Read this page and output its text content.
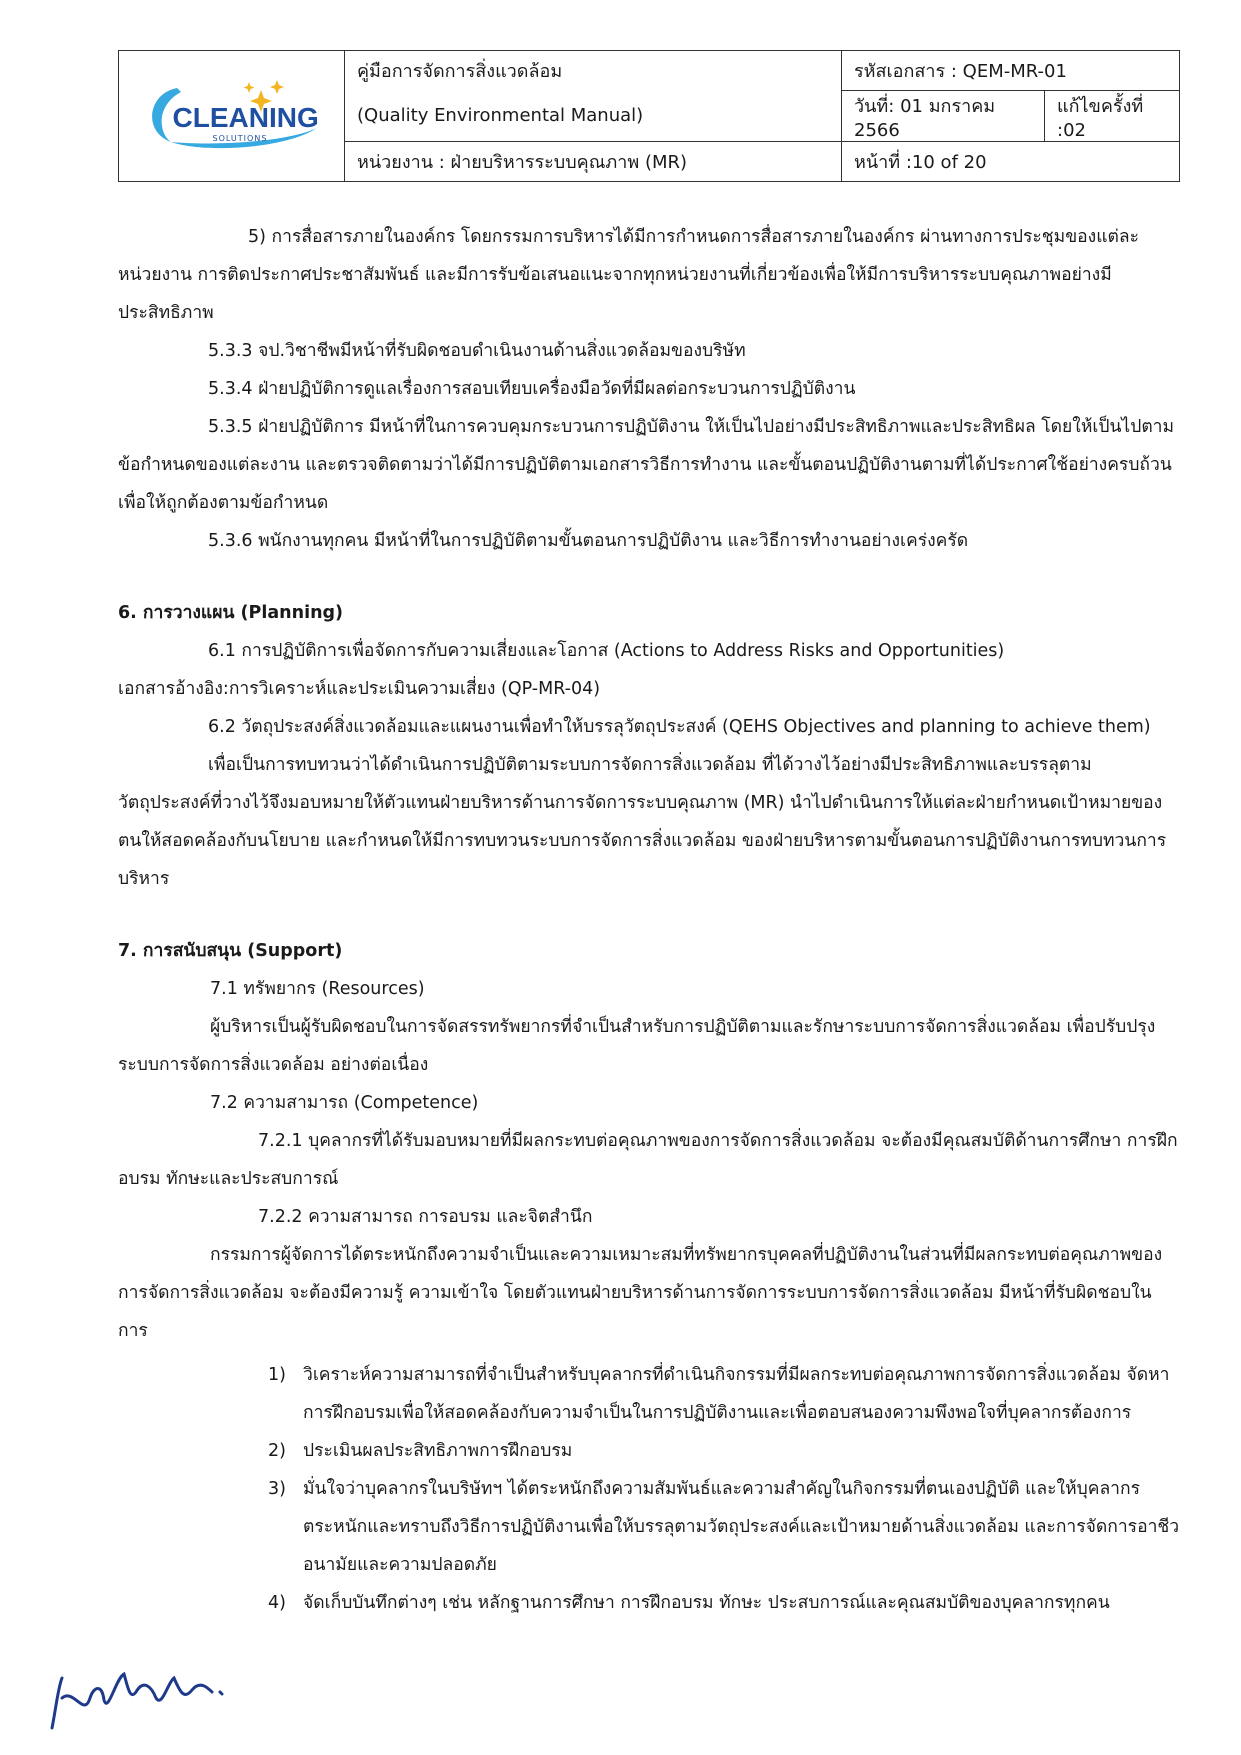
CLEANING
SOLUTIONS	คู่มือการจัดการสิ่งแวดล้อม	รหัสเอกสาร : QEM-MR-01	
	(Quality Environmental Manual)	วันที่: 01 มกราคม 2566	แก้ไขครั้งที่ :02
	หน่วยงาน : ฝ่ายบริหารระบบคุณภาพ (MR)	หน้าที่ :10 of 20	

5) การสื่อสารภายในองค์กร โดยกรรมการบริหารได้มีการกำหนดการสื่อสารภายในองค์กร ผ่านทางการประชุมของแต่ละหน่วยงาน การติดประกาศประชาสัมพันธ์ และมีการรับข้อเสนอแนะจากทุกหน่วยงานที่เกี่ยวข้องเพื่อให้มีการบริหารระบบคุณภาพอย่างมีประสิทธิภาพ

5.3.3 จป.วิชาชีพมีหน้าที่รับผิดชอบดำเนินงานด้านสิ่งแวดล้อมของบริษัท

5.3.4 ฝ่ายปฏิบัติการดูแลเรื่องการสอบเทียบเครื่องมือวัดที่มีผลต่อกระบวนการปฏิบัติงาน

5.3.5 ฝ่ายปฏิบัติการ มีหน้าที่ในการควบคุมกระบวนการปฏิบัติงาน ให้เป็นไปอย่างมีประสิทธิภาพและประสิทธิผล โดยให้เป็นไปตามข้อกำหนดของแต่ละงาน และตรวจติดตามว่าได้มีการปฏิบัติตามเอกสารวิธีการทำงาน และขั้นตอนปฏิบัติงานตามที่ได้ประกาศใช้อย่างครบถ้วน เพื่อให้ถูกต้องตามข้อกำหนด

5.3.6 พนักงานทุกคน มีหน้าที่ในการปฏิบัติตามขั้นตอนการปฏิบัติงาน และวิธีการทำงานอย่างเคร่งครัด

6. การวางแผน (Planning)

6.1 การปฏิบัติการเพื่อจัดการกับความเสี่ยงและโอกาส (Actions to Address Risks and Opportunities)

เอกสารอ้างอิง:การวิเคราะห์และประเมินความเสี่ยง (QP-MR-04)

6.2 วัตถุประสงค์สิ่งแวดล้อมและแผนงานเพื่อทำให้บรรลุวัตถุประสงค์ (QEHS Objectives and planning to achieve them)

เพื่อเป็นการทบทวนว่าได้ดำเนินการปฏิบัติตามระบบการจัดการสิ่งแวดล้อม ที่ได้วางไว้อย่างมีประสิทธิภาพและบรรลุตามวัตถุประสงค์ที่วางไว้จึงมอบหมายให้ตัวแทนฝ่ายบริหารด้านการจัดการระบบคุณภาพ (MR) นำไปดำเนินการให้แต่ละฝ่ายกำหนดเป้าหมายของตนให้สอดคล้องกับนโยบาย และกำหนดให้มีการทบทวนระบบการจัดการสิ่งแวดล้อม ของฝ่ายบริหารตามขั้นตอนการปฏิบัติงานการทบทวนการบริหาร

7. การสนับสนุน (Support)

7.1 ทรัพยากร (Resources)

ผู้บริหารเป็นผู้รับผิดชอบในการจัดสรรทรัพยากรที่จำเป็นสำหรับการปฏิบัติตามและรักษาระบบการจัดการสิ่งแวดล้อม เพื่อปรับปรุงระบบการจัดการสิ่งแวดล้อม อย่างต่อเนื่อง

7.2 ความสามารถ (Competence)

7.2.1 บุคลากรที่ได้รับมอบหมายที่มีผลกระทบต่อคุณภาพของการจัดการสิ่งแวดล้อม จะต้องมีคุณสมบัติด้านการศึกษา การฝึกอบรม ทักษะและประสบการณ์

7.2.2 ความสามารถ การอบรม และจิตสำนึก

กรรมการผู้จัดการได้ตระหนักถึงความจำเป็นและความเหมาะสมที่ทรัพยากรบุคคลที่ปฏิบัติงานในส่วนที่มีผลกระทบต่อคุณภาพของการจัดการสิ่งแวดล้อม จะต้องมีความรู้ ความเข้าใจ โดยตัวแทนฝ่ายบริหารด้านการจัดการระบบการจัดการสิ่งแวดล้อม มีหน้าที่รับผิดชอบในการ

1) วิเคราะห์ความสามารถที่จำเป็นสำหรับบุคลากรที่ดำเนินกิจกรรมที่มีผลกระทบต่อคุณภาพการจัดการสิ่งแวดล้อม จัดหาการฝึกอบรมเพื่อให้สอดคล้องกับความจำเป็นในการปฏิบัติงานและเพื่อตอบสนองความพึงพอใจที่บุคลากรต้องการ
2) ประเมินผลประสิทธิภาพการฝึกอบรม
3) มั่นใจว่าบุคลากรในบริษัทฯ ได้ตระหนักถึงความสัมพันธ์และความสำคัญในกิจกรรมที่ตนเองปฏิบัติ และให้บุคลากรตระหนักและทราบถึงวิธีการปฏิบัติงานเพื่อให้บรรลุตามวัตถุประสงค์และเป้าหมายด้านสิ่งแวดล้อม และการจัดการอาชีวอนามัยและความปลอดภัย
4) จัดเก็บบันทึกต่างๆ เช่น หลักฐานการศึกษา การฝึกอบรม ทักษะ ประสบการณ์และคุณสมบัติของบุคลากรทุกคน
